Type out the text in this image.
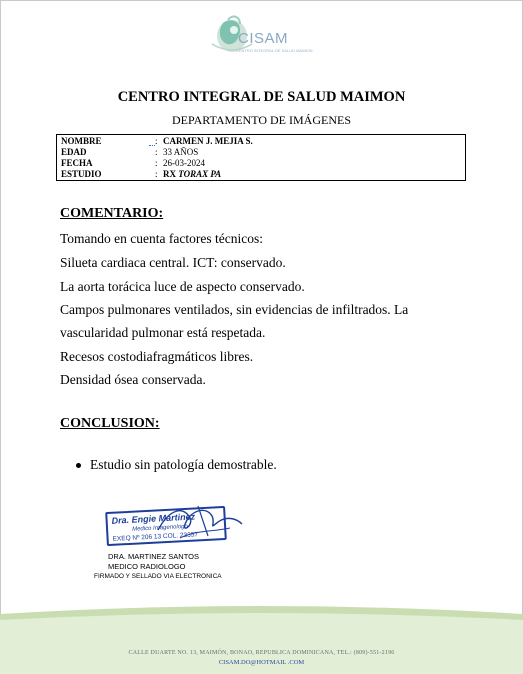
CISAM
CENTRO INTEGRAL DE SALUD MAIMON
CENTRO INTEGRAL DE SALUD MAIMON
DEPARTAMENTO DE IMÁGENES
NOMBRE	: CARMEN J. MEJIA S.
EDAD	: 33 AÑOS
FECHA	: 26-03-2024
ESTUDIO	: RX TORAX PA
COMENTARIO:
Tomando en cuenta factores técnicos:
Silueta cardiaca central. ICT: conservado.
La aorta torácica luce de aspecto conservado.
Campos pulmonares ventilados, sin evidencias de infiltrados. La
vascularidad pulmonar está respetada.
Recesos costodiafragmáticos libres.
Densidad ósea conservada.
CONCLUSION:
Estudio sin patología demostrable.
Dra. Engie Martinez
Medico Imagenologo
EXEQ Nº 206 13 COL. 23357
DRA. MARTINEZ SANTOS
MEDICO RADIOLOGO
FIRMADO Y SELLADO VIA ELECTRONICA
CALLE DUARTE NO. 13, MAIMÓN, BONAO, REPUBLICA DOMINICANA, TEL.: (809)-551-2196
CISAM.DO@HOTMAIL .COM
